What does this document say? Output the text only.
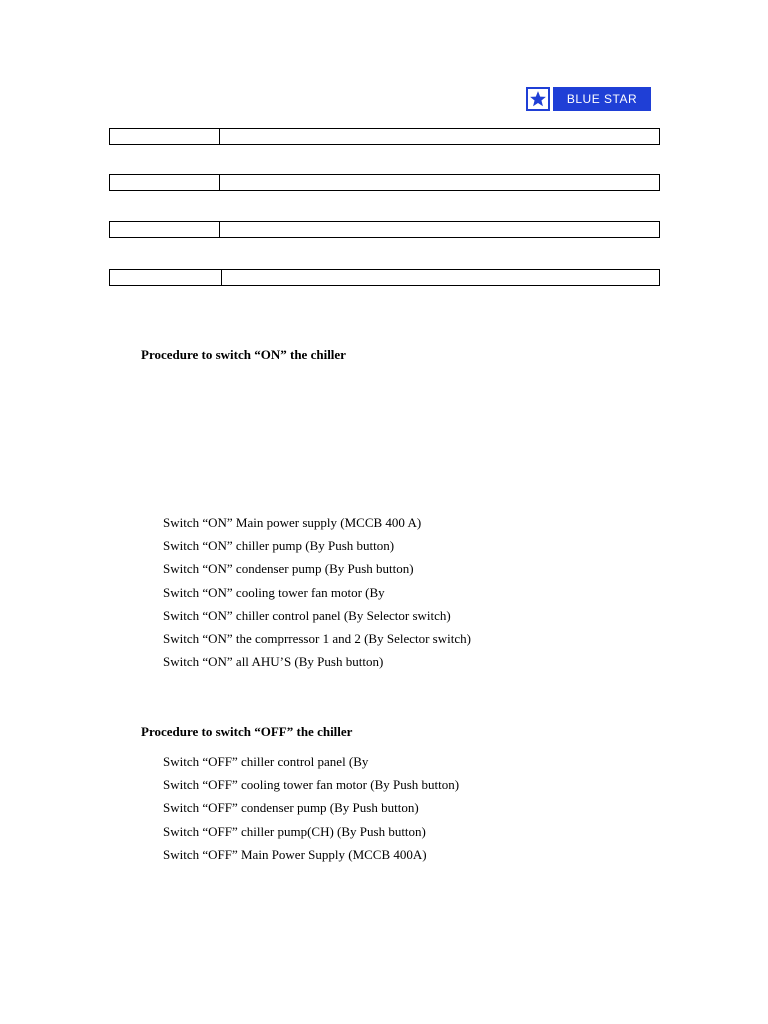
BLUE STAR
Procedure to switch “ON” the chiller
Switch “ON” Main power supply (MCCB 400 A)
Switch “ON” chiller pump (By Push button)
Switch “ON” condenser pump (By Push button)
Switch “ON” cooling tower fan motor (By
Switch “ON” chiller control panel (By Selector switch)
Switch “ON” the comprressor 1 and 2 (By Selector switch)
Switch “ON” all AHU’S (By Push button)
Procedure to switch “OFF” the chiller
Switch “OFF” chiller control panel (By
Switch “OFF” cooling tower fan motor (By Push button)
Switch “OFF” condenser pump (By Push button)
Switch “OFF” chiller pump(CH) (By Push button)
Switch “OFF” Main Power Supply (MCCB 400A)
